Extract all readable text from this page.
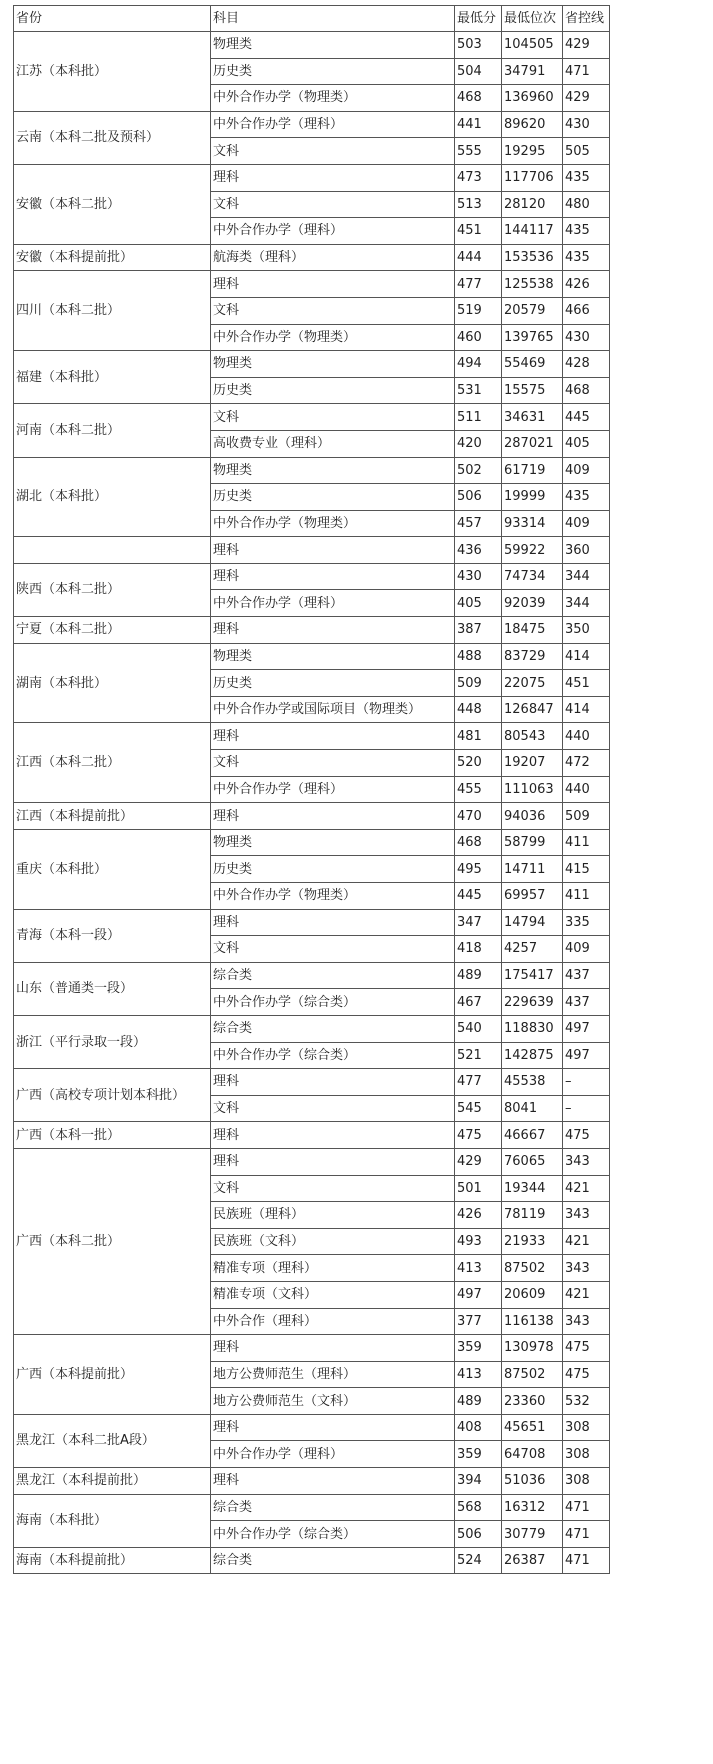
省份	科目	最低分	最低位次	省控线
江苏（本科批）	物理类	503	104505	429
	历史类	504	34791	471
	中外合作办学（物理类）	468	136960	429
云南（本科二批及预科）	中外合作办学（理科）	441	89620	430
	文科	555	19295	505
安徽（本科二批）	理科	473	117706	435
	文科	513	28120	480
	中外合作办学（理科）	451	144117	435
安徽（本科提前批）	航海类（理科）	444	153536	435
四川（本科二批）	理科	477	125538	426
	文科	519	20579	466
	中外合作办学（物理类）	460	139765	430
福建（本科批）	物理类	494	55469	428
	历史类	531	15575	468
河南（本科二批）	文科	511	34631	445
	高收费专业（理科）	420	287021	405
湖北（本科批）	物理类	502	61719	409
	历史类	506	19999	435
	中外合作办学（物理类）	457	93314	409
	理科	436	59922	360
陕西（本科二批）	理科	430	74734	344
	中外合作办学（理科）	405	92039	344
宁夏（本科二批）	理科	387	18475	350
湖南（本科批）	物理类	488	83729	414
	历史类	509	22075	451
	中外合作办学或国际项目（物理类）	448	126847	414
江西（本科二批）	理科	481	80543	440
	文科	520	19207	472
	中外合作办学（理科）	455	111063	440
江西（本科提前批）	理科	470	94036	509
重庆（本科批）	物理类	468	58799	411
	历史类	495	14711	415
	中外合作办学（物理类）	445	69957	411
青海（本科一段）	理科	347	14794	335
	文科	418	4257	409
山东（普通类一段）	综合类	489	175417	437
	中外合作办学（综合类）	467	229639	437
浙江（平行录取一段）	综合类	540	118830	497
	中外合作办学（综合类）	521	142875	497
广西（高校专项计划本科批）	理科	477	45538	–
	文科	545	8041	–
广西（本科一批）	理科	475	46667	475
广西（本科二批）	理科	429	76065	343
	文科	501	19344	421
	民族班（理科）	426	78119	343
	民族班（文科）	493	21933	421
	精准专项（理科）	413	87502	343
	精准专项（文科）	497	20609	421
	中外合作（理科）	377	116138	343
广西（本科提前批）	理科	359	130978	475
	地方公费师范生（理科）	413	87502	475
	地方公费师范生（文科）	489	23360	532
黑龙江（本科二批A段）	理科	408	45651	308
	中外合作办学（理科）	359	64708	308
黑龙江（本科提前批）	理科	394	51036	308
海南（本科批）	综合类	568	16312	471
	中外合作办学（综合类）	506	30779	471
海南（本科提前批）	综合类	524	26387	471
